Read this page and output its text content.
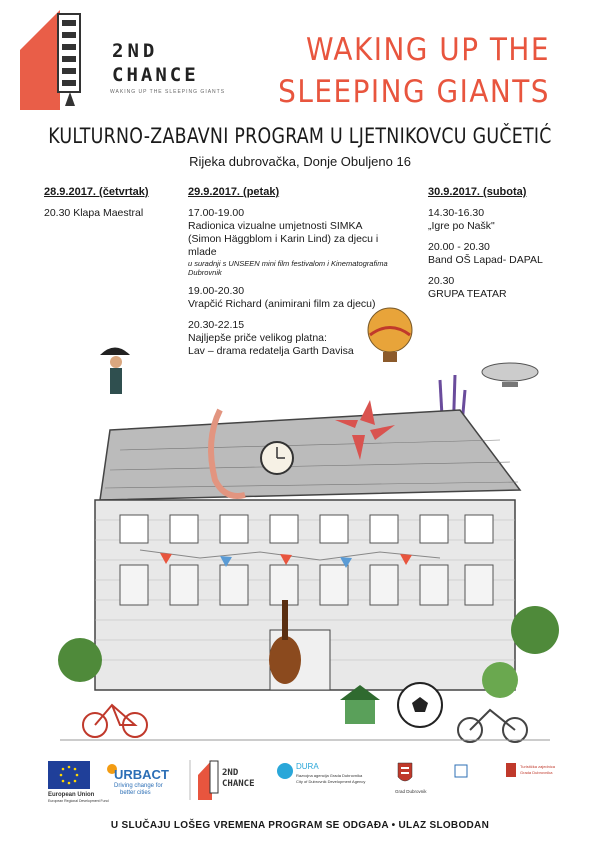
2ND
CHANCE
WAKING UP THE SLEEPING GIANTS
WAKING UP THE
SLEEPING GIANTS
KULTURNO-ZABAVNI PROGRAM U LJETNIKOVCU GUČETIĆ
Rijeka dubrovačka, Donje Obuljeno 16
28.9.2017. (četvrtak)
20.30 Klapa Maestral
29.9.2017. (petak)
17.00-19.00
Radionica vizualne umjetnosti SIMKA (Simon Häggblom i Karin Lind) za djecu i mlade
u suradnji s UNSEEN mini film festivalom i Kinematografima Dubrovnik
19.00-20.30
Vrapčić Richard (animirani film za djecu)
20.30-22.15
Najljepše priče velikog platna:
Lav – drama redatelja Garth Davisa
30.9.2017. (subota)
14.30-16.30
„Igre po Našk"
20.00 - 20.30
Band OŠ Lapad- DAPAL
20.30
GRUPA TEATAR
European Union
European Regional Development Fund
URBACT
Driving change for
better cities
2ND
CHANCE
DURA
Razvojna agencija Grada Dubrovnika
City of Dubrovnik Development Agency
Grad Dubrovnik
Turistička zajednica
Grada Dubrovnika
U SLUČAJU LOŠEG VREMENA PROGRAM SE ODGAĐA • ULAZ SLOBODAN
